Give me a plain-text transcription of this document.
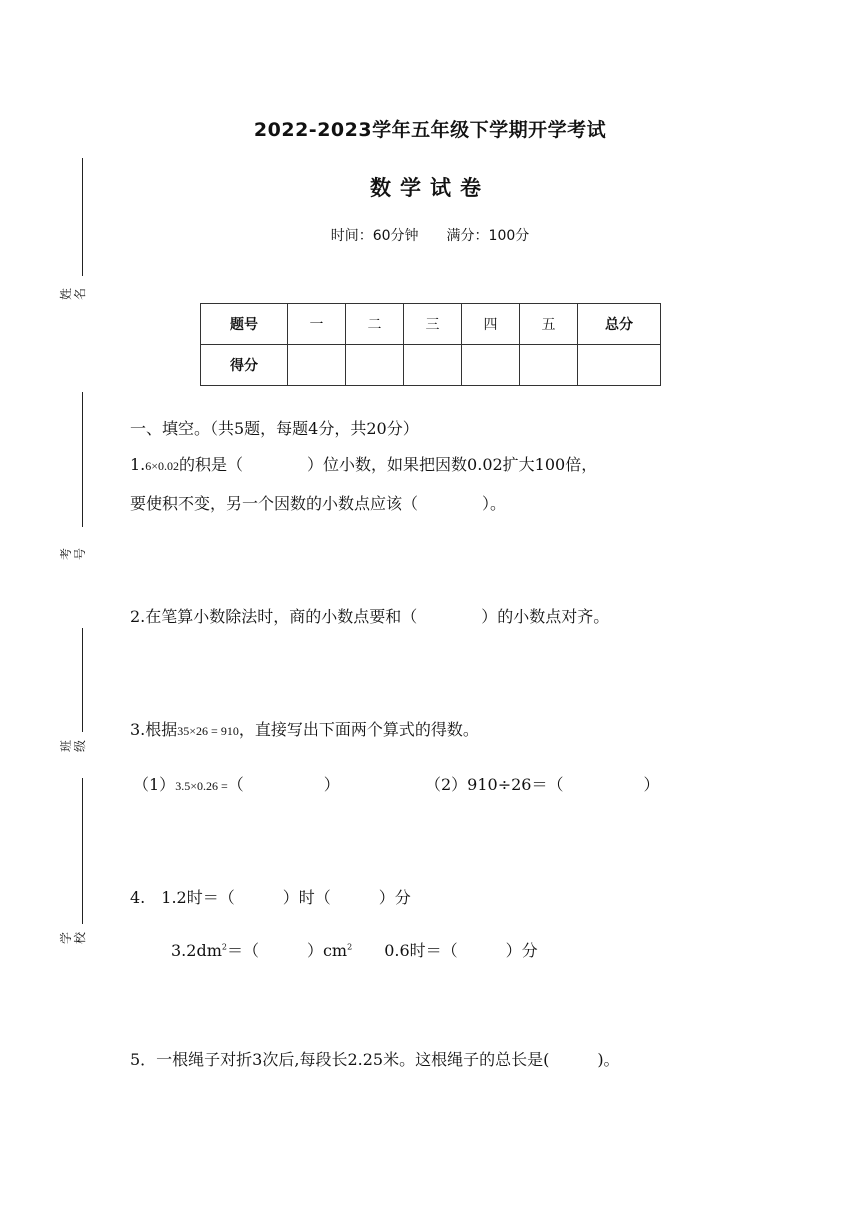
2022-2023学年五年级下学期开学考试
数学试卷
时间：60分钟 满分：100分
姓名
考号
班级
学校
题号	一	二	三	四	五	总分
得分						
一、填空。（共5题，每题4分，共20分）
1.6×0.02的积是（　　　　）位小数，如果把因数0.02扩大100倍，
要使积不变，另一个因数的小数点应该（　　　　）。
2.在笔算小数除法时，商的小数点要和（　　　　）的小数点对齐。
3.根据35×26 = 910，直接写出下面两个算式的得数。
（1）3.5×0.26 =（　　　　　）	（2）910÷26＝（　　　　　）
4.　1.2时＝（　　　）时（　　　）分
$3.2dm^2=$（　　　）$cm^2$　　0.6时＝（　　　）分
5．一根绳子对折3次后,每段长2.25米。这根绳子的总长是(　　　)。
